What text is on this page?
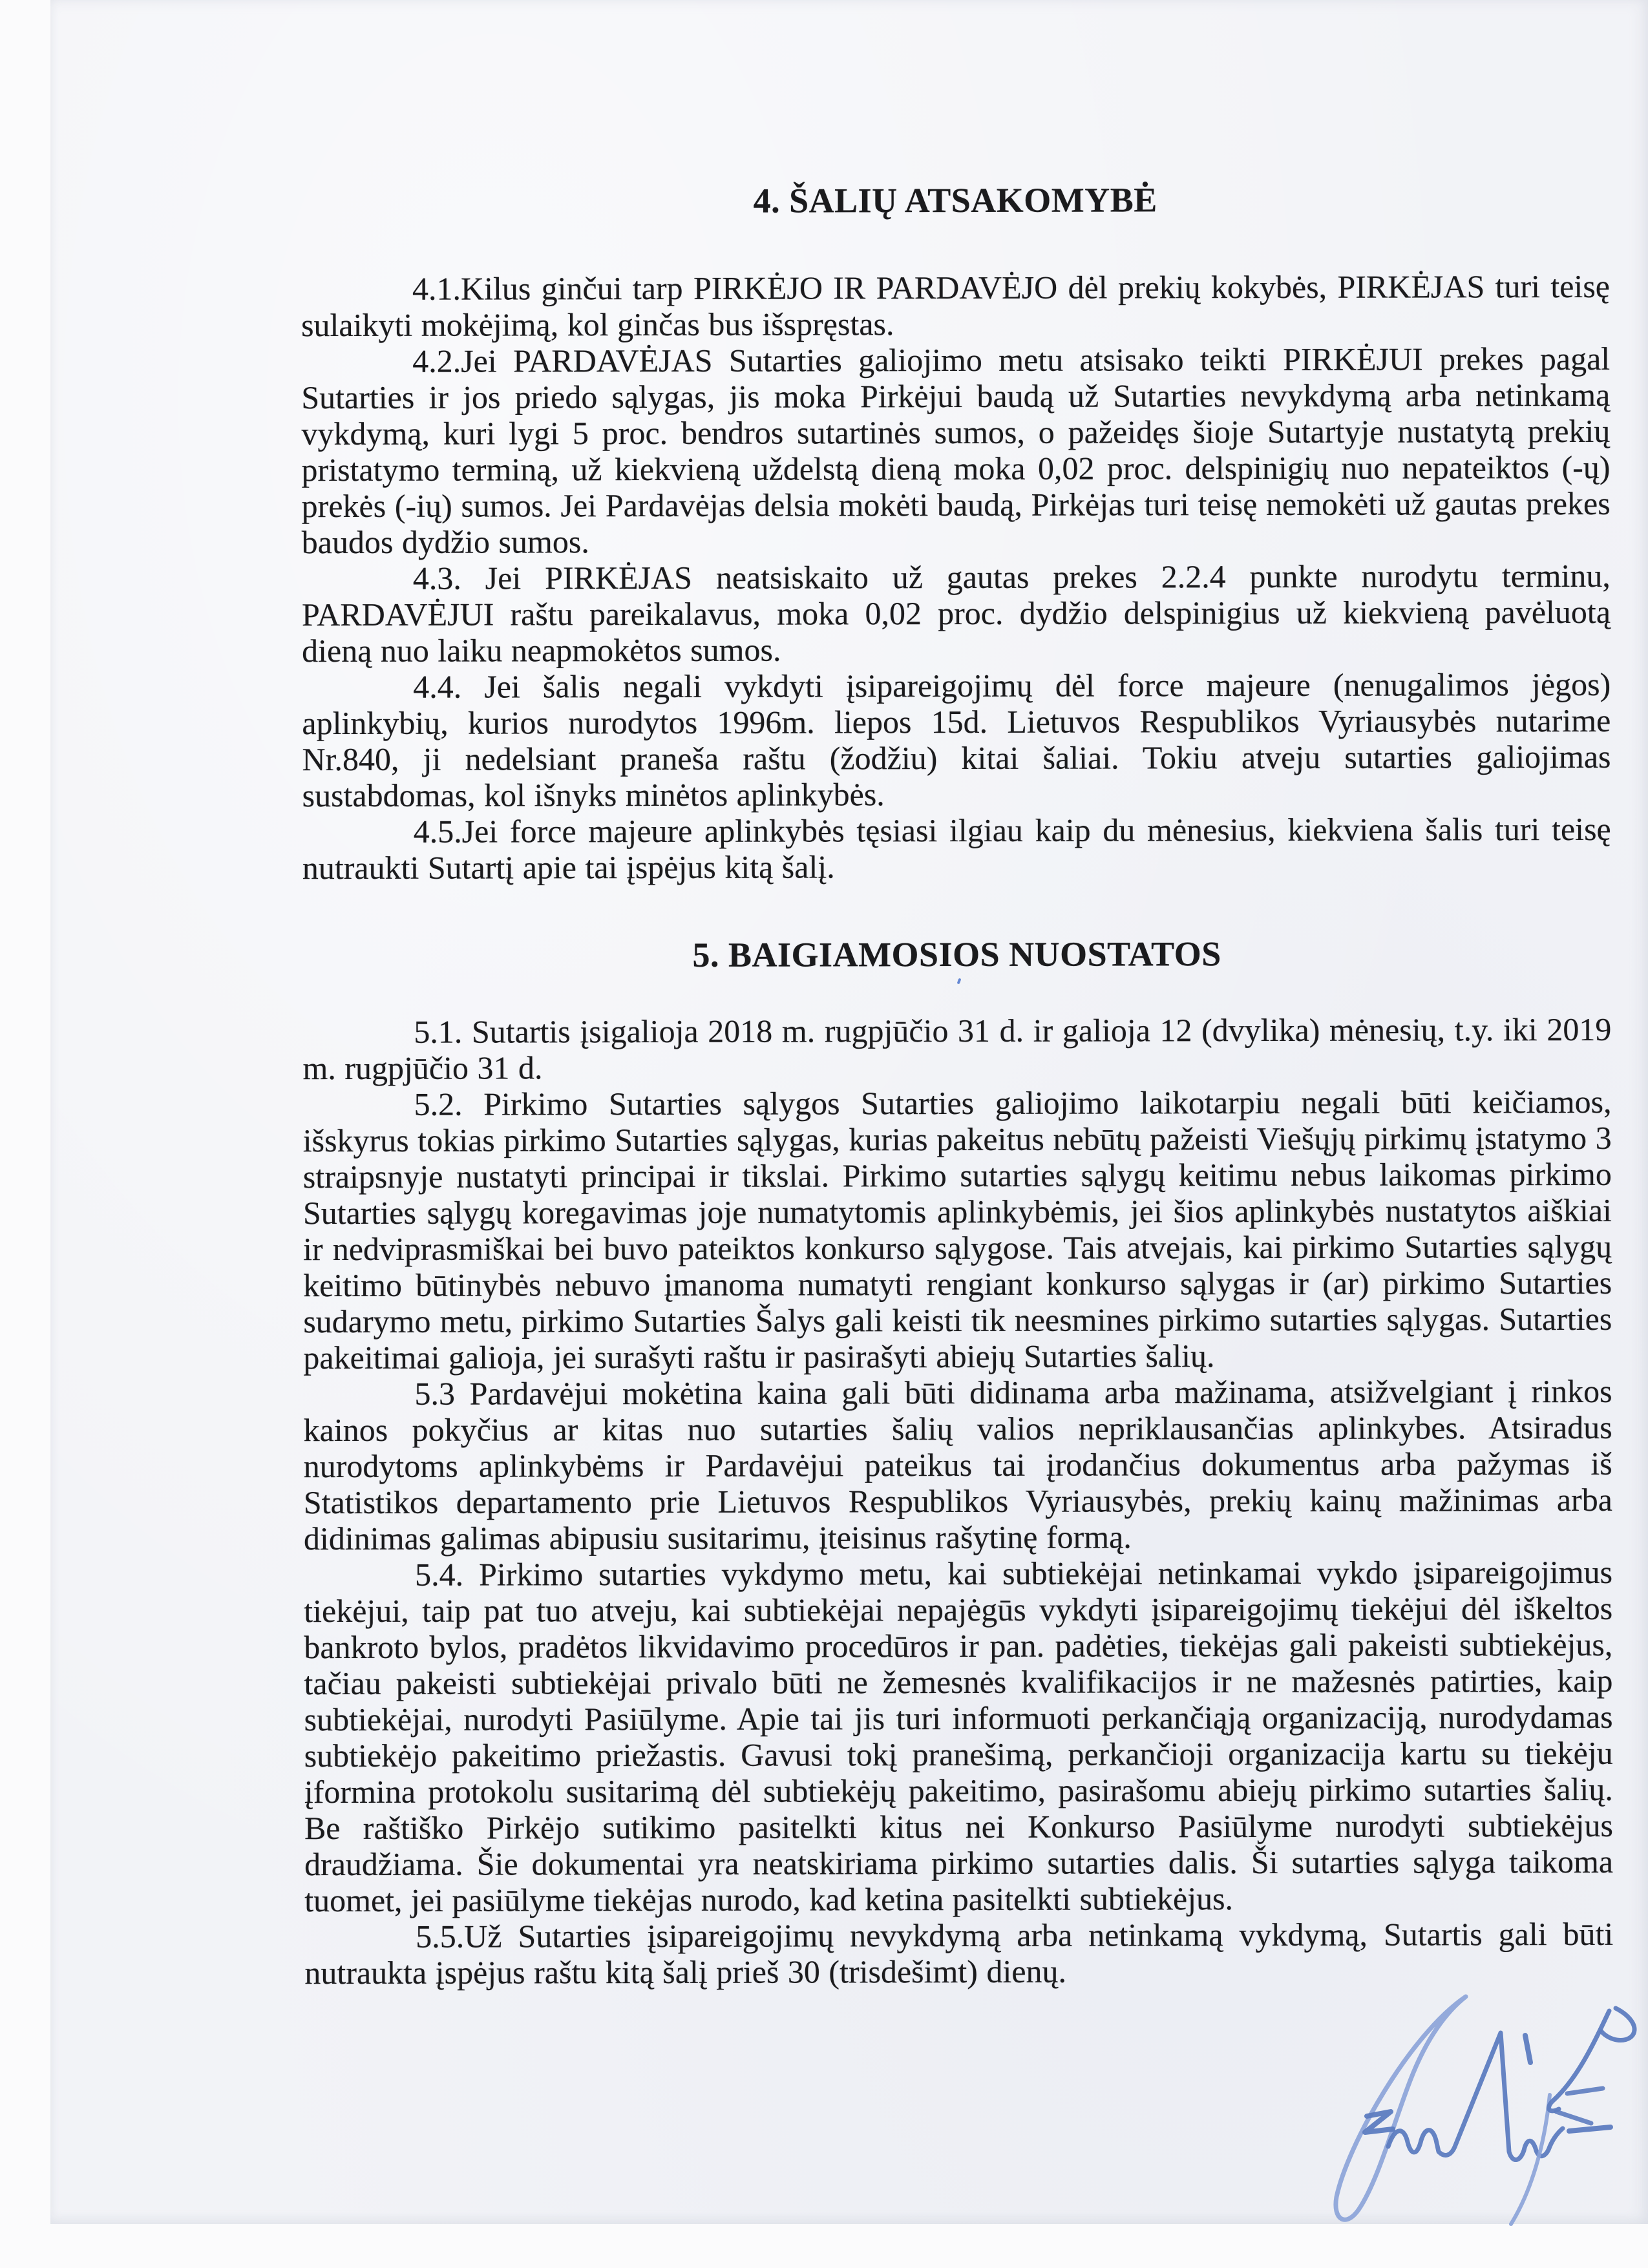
4. ŠALIŲ ATSAKOMYBĖ

4.1.Kilus ginčui tarp PIRKĖJO IR PARDAVĖJO dėl prekių kokybės, PIRKĖJAS turi teisę sulaikyti mokėjimą, kol ginčas bus išspręstas.

4.2.Jei PARDAVĖJAS Sutarties galiojimo metu atsisako teikti PIRKĖJUI prekes pagal Sutarties ir jos priedo sąlygas, jis moka Pirkėjui baudą už Sutarties nevykdymą arba netinkamą vykdymą, kuri lygi 5 proc. bendros sutartinės sumos, o pažeidęs šioje Sutartyje nustatytą prekių pristatymo terminą, už kiekvieną uždelstą dieną moka 0,02 proc. delspinigių nuo nepateiktos (-ų) prekės (-ių) sumos. Jei Pardavėjas delsia mokėti baudą, Pirkėjas turi teisę nemokėti už gautas prekes baudos dydžio sumos.

4.3. Jei PIRKĖJAS neatsiskaito už gautas prekes 2.2.4 punkte nurodytu terminu, PARDAVĖJUI raštu pareikalavus, moka 0,02 proc. dydžio delspinigius už kiekvieną pavėluotą dieną nuo laiku neapmokėtos sumos.

4.4. Jei šalis negali vykdyti įsipareigojimų dėl force majeure (nenugalimos jėgos) aplinkybių, kurios nurodytos 1996m. liepos 15d. Lietuvos Respublikos Vyriausybės nutarime Nr.840, ji nedelsiant praneša raštu (žodžiu) kitai šaliai. Tokiu atveju sutarties galiojimas sustabdomas, kol išnyks minėtos aplinkybės.

4.5.Jei force majeure aplinkybės tęsiasi ilgiau kaip du mėnesius, kiekviena šalis turi teisę nutraukti Sutartį apie tai įspėjus kitą šalį.

5. BAIGIAMOSIOS NUOSTATOS

5.1. Sutartis įsigalioja 2018 m. rugpjūčio 31 d. ir galioja 12 (dvylika) mėnesių, t.y. iki 2019 m. rugpjūčio 31 d.

5.2. Pirkimo Sutarties sąlygos Sutarties galiojimo laikotarpiu negali būti keičiamos, išskyrus tokias pirkimo Sutarties sąlygas, kurias pakeitus nebūtų pažeisti Viešųjų pirkimų įstatymo 3 straipsnyje nustatyti principai ir tikslai. Pirkimo sutarties sąlygų keitimu nebus laikomas pirkimo Sutarties sąlygų koregavimas joje numatytomis aplinkybėmis, jei šios aplinkybės nustatytos aiškiai ir nedviprasmiškai bei buvo pateiktos konkurso sąlygose. Tais atvejais, kai pirkimo Sutarties sąlygų keitimo būtinybės nebuvo įmanoma numatyti rengiant konkurso sąlygas ir (ar) pirkimo Sutarties sudarymo metu, pirkimo Sutarties Šalys gali keisti tik neesmines pirkimo sutarties sąlygas. Sutarties pakeitimai galioja, jei surašyti raštu ir pasirašyti abiejų Sutarties šalių.

5.3 Pardavėjui mokėtina kaina gali būti didinama arba mažinama, atsižvelgiant į rinkos kainos pokyčius ar kitas nuo sutarties šalių valios nepriklausančias aplinkybes. Atsiradus nurodytoms aplinkybėms ir Pardavėjui pateikus tai įrodančius dokumentus arba pažymas iš Statistikos departamento prie Lietuvos Respublikos Vyriausybės, prekių kainų mažinimas arba didinimas galimas abipusiu susitarimu, įteisinus rašytinę formą.

5.4. Pirkimo sutarties vykdymo metu, kai subtiekėjai netinkamai vykdo įsipareigojimus tiekėjui, taip pat tuo atveju, kai subtiekėjai nepajėgūs vykdyti įsipareigojimų tiekėjui dėl iškeltos bankroto bylos, pradėtos likvidavimo procedūros ir pan. padėties, tiekėjas gali pakeisti subtiekėjus, tačiau pakeisti subtiekėjai privalo būti ne žemesnės kvalifikacijos ir ne mažesnės patirties, kaip subtiekėjai, nurodyti Pasiūlyme. Apie tai jis turi informuoti perkančiąją organizaciją, nurodydamas subtiekėjo pakeitimo priežastis. Gavusi tokį pranešimą, perkančioji organizacija kartu su tiekėju įformina protokolu susitarimą dėl subtiekėjų pakeitimo, pasirašomu abiejų pirkimo sutarties šalių. Be raštiško Pirkėjo sutikimo pasitelkti kitus nei Konkurso Pasiūlyme nurodyti subtiekėjus draudžiama. Šie dokumentai yra neatskiriama pirkimo sutarties dalis. Ši sutarties sąlyga taikoma tuomet, jei pasiūlyme tiekėjas nurodo, kad ketina pasitelkti subtiekėjus.

5.5.Už Sutarties įsipareigojimų nevykdymą arba netinkamą vykdymą, Sutartis gali būti nutraukta įspėjus raštu kitą šalį prieš 30 (trisdešimt) dienų.
